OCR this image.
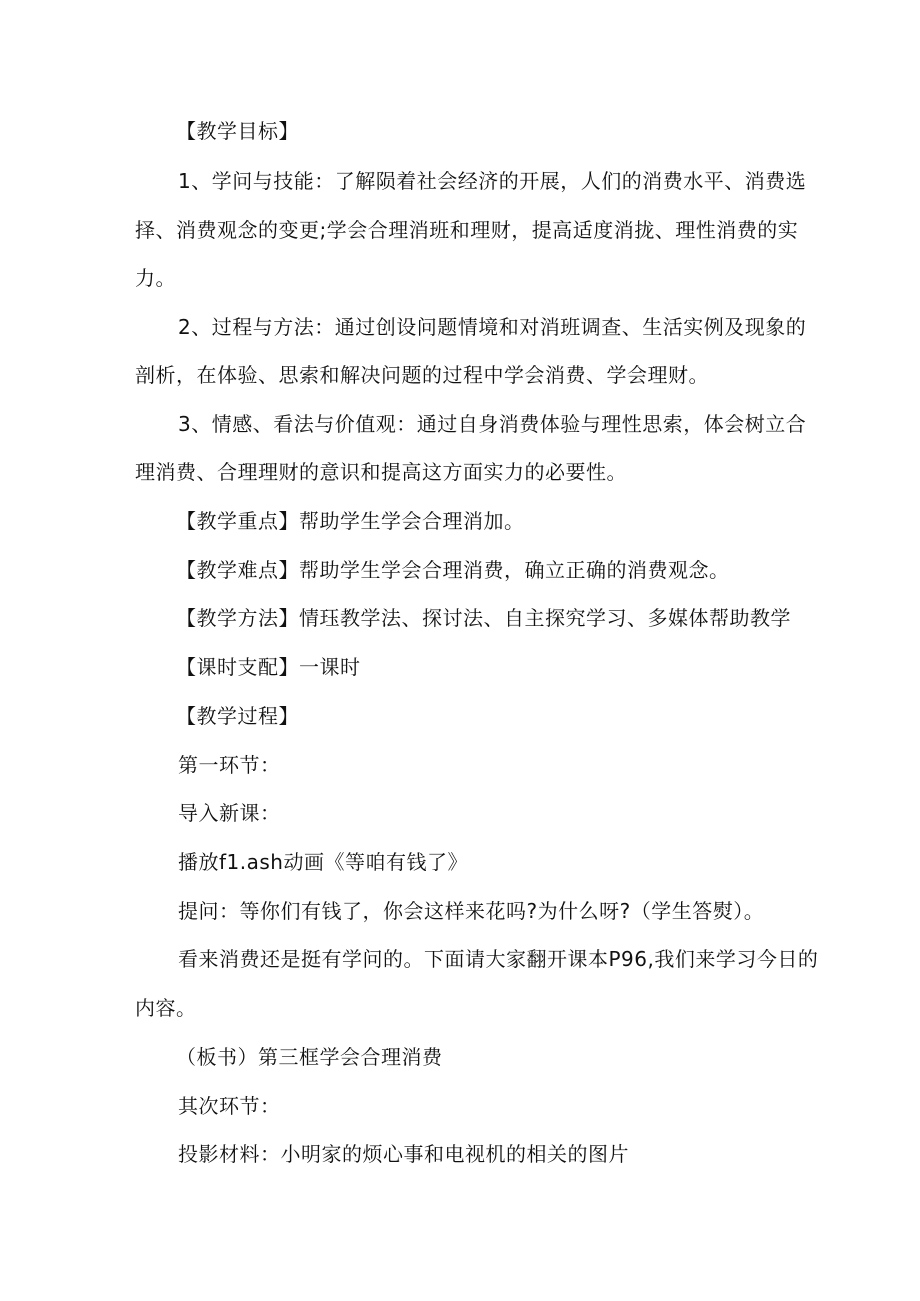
【教学目标】
1、学问与技能：了解陨着社会经济的开展，人们的消费水平、消费选
择、消费观念的变更;学会合理消班和理财，提高适度消拢、理性消费的实
力。
2、过程与方法：通过创设问题情境和对消班调查、生活实例及现象的
剖析，在体验、思索和解决问题的过程中学会消费、学会理财。
3、情感、看法与价值观：通过自身消费体验与理性思索，体会树立合
理消费、合理理财的意识和提高这方面实力的必要性。
【教学重点】帮助学生学会合理消加。
【教学难点】帮助学生学会合理消费，确立正确的消费观念。
【教学方法】情珏教学法、探讨法、自主探究学习、多媒体帮助教学
【课时支配】一课时
【教学过程】
第一环节：
导入新课：
播放f1.ash动画《等咱有钱了》
提问：等你们有钱了，你会这样来花吗?为什么呀?（学生答熨）。
看来消费还是挺有学问的。下面请大家翻开课本P96,我们来学习今日的
内容。
（板书）第三框学会合理消费
其次环节：
投影材料：小明家的烦心事和电视机的相关的图片
